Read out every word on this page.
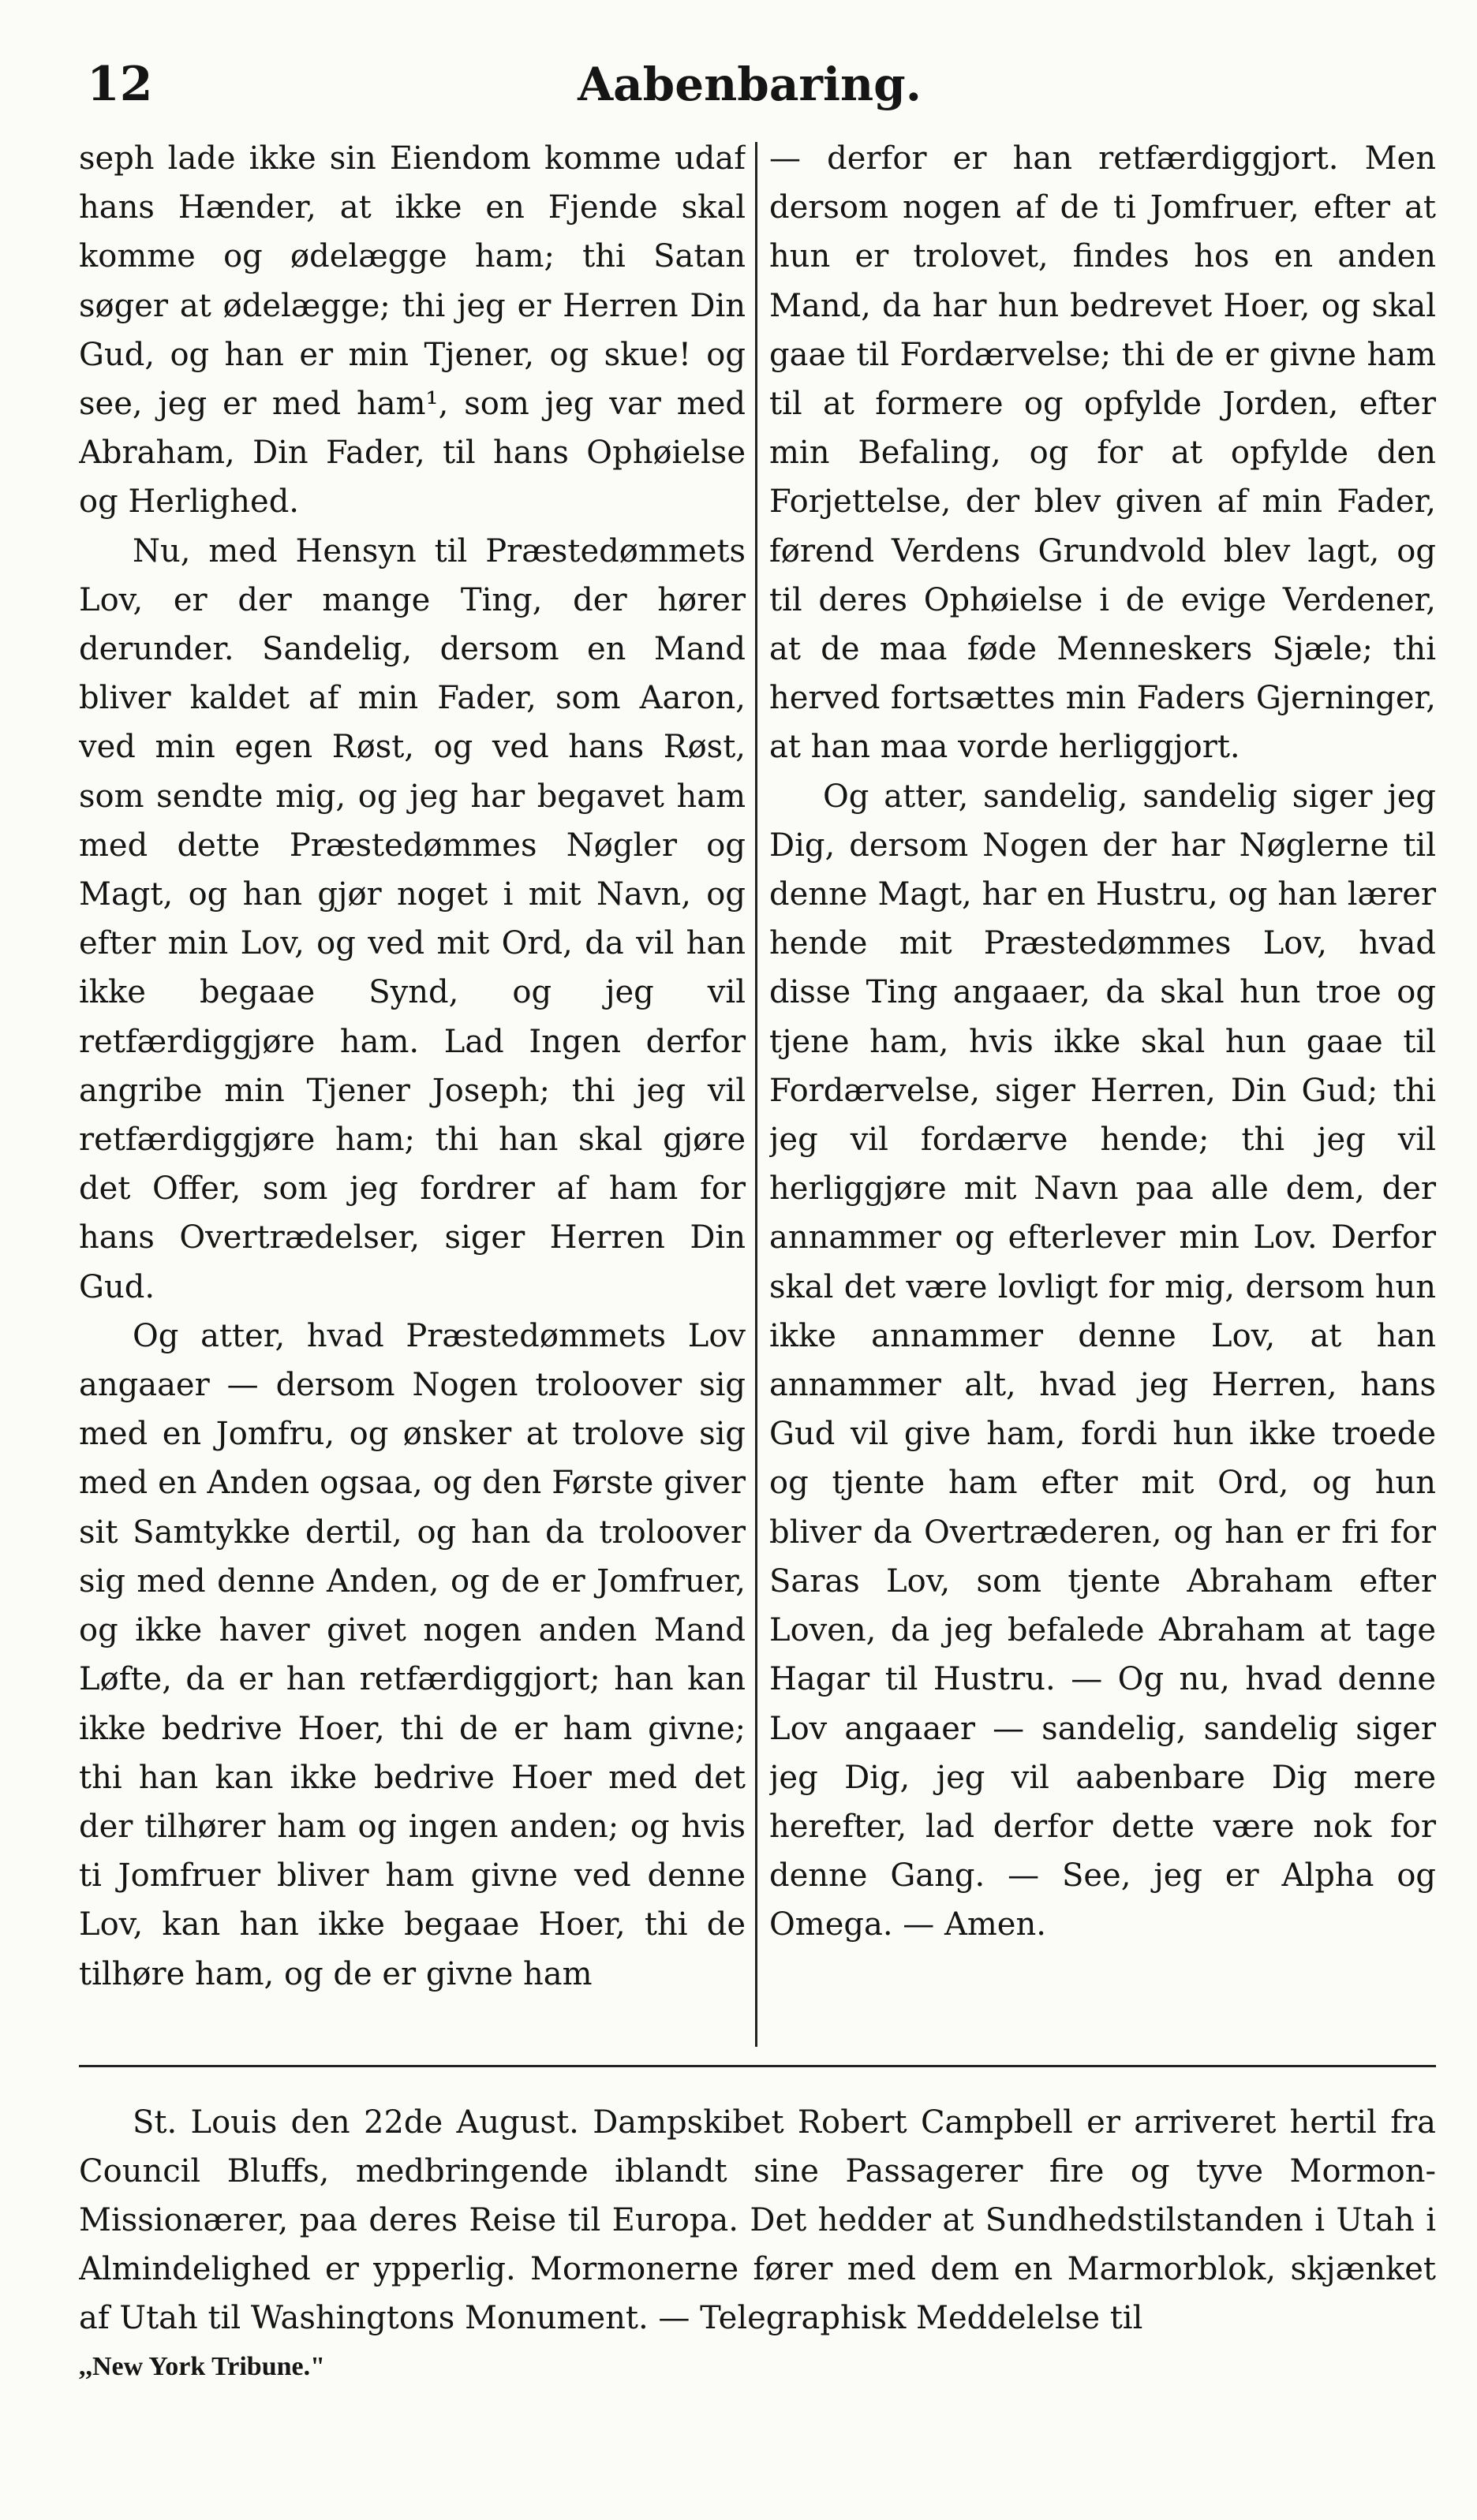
12	Aabenbaring.

seph lade ikke sin Eiendom komme udaf hans Hænder, at ikke en Fjende skal komme og ødelægge ham; thi Satan søger at ødelægge; thi jeg er Herren Din Gud, og han er min Tjener, og skue! og see, jeg er med ham¹, som jeg var med Abraham, Din Fader, til hans Ophøielse og Herlighed.

Nu, med Hensyn til Præstedømmets Lov, er der mange Ting, der hører derunder. Sandelig, dersom en Mand bliver kaldet af min Fader, som Aaron, ved min egen Røst, og ved hans Røst, som sendte mig, og jeg har begavet ham med dette Præstedømmes Nøgler og Magt, og han gjør noget i mit Navn, og efter min Lov, og ved mit Ord, da vil han ikke begaae Synd, og jeg vil retfærdiggjøre ham. Lad Ingen derfor angribe min Tjener Joseph; thi jeg vil retfærdiggjøre ham; thi han skal gjøre det Offer, som jeg fordrer af ham for hans Overtrædelser, siger Herren Din Gud.

Og atter, hvad Præstedømmets Lov angaaer — dersom Nogen troloover sig med en Jomfru, og ønsker at trolove sig med en Anden ogsaa, og den Første giver sit Samtykke dertil, og han da troloover sig med denne Anden, og de er Jomfruer, og ikke haver givet nogen anden Mand Løfte, da er han retfærdiggjort; han kan ikke bedrive Hoer, thi de er ham givne; thi han kan ikke bedrive Hoer med det der tilhører ham og ingen anden; og hvis ti Jomfruer bliver ham givne ved denne Lov, kan han ikke begaae Hoer, thi de tilhøre ham, og de er givne ham

— derfor er han retfærdiggjort. Men dersom nogen af de ti Jomfruer, efter at hun er trolovet, findes hos en anden Mand, da har hun bedrevet Hoer, og skal gaae til Fordærvelse; thi de er givne ham til at formere og opfylde Jorden, efter min Befaling, og for at opfylde den Forjettelse, der blev given af min Fader, førend Verdens Grundvold blev lagt, og til deres Ophøielse i de evige Verdener, at de maa føde Menneskers Sjæle; thi herved fortsættes min Faders Gjerninger, at han maa vorde herliggjort.

Og atter, sandelig, sandelig siger jeg Dig, dersom Nogen der har Nøglerne til denne Magt, har en Hustru, og han lærer hende mit Præstedømmes Lov, hvad disse Ting angaaer, da skal hun troe og tjene ham, hvis ikke skal hun gaae til Fordærvelse, siger Herren, Din Gud; thi jeg vil fordærve hende; thi jeg vil herliggjøre mit Navn paa alle dem, der annammer og efterlever min Lov. Derfor skal det være lovligt for mig, dersom hun ikke annammer denne Lov, at han annammer alt, hvad jeg Herren, hans Gud vil give ham, fordi hun ikke troede og tjente ham efter mit Ord, og hun bliver da Overtræderen, og han er fri for Saras Lov, som tjente Abraham efter Loven, da jeg befalede Abraham at tage Hagar til Hustru. — Og nu, hvad denne Lov angaaer — sandelig, sandelig siger jeg Dig, jeg vil aabenbare Dig mere herefter, lad derfor dette være nok for denne Gang. — See, jeg er Alpha og Omega. — Amen.

St. Louis den 22de August. Dampskibet Robert Campbell er arriveret hertil fra Council Bluffs, medbringende iblandt sine Passagerer fire og tyve Mormon-Missionærer, paa deres Reise til Europa. Det hedder at Sundhedstilstanden i Utah i Almindelighed er ypperlig. Mormonerne fører med dem en Marmorblok, skjænket af Utah til Washingtons Monument. — Telegraphisk Meddelelse til

,,New York Tribune."
